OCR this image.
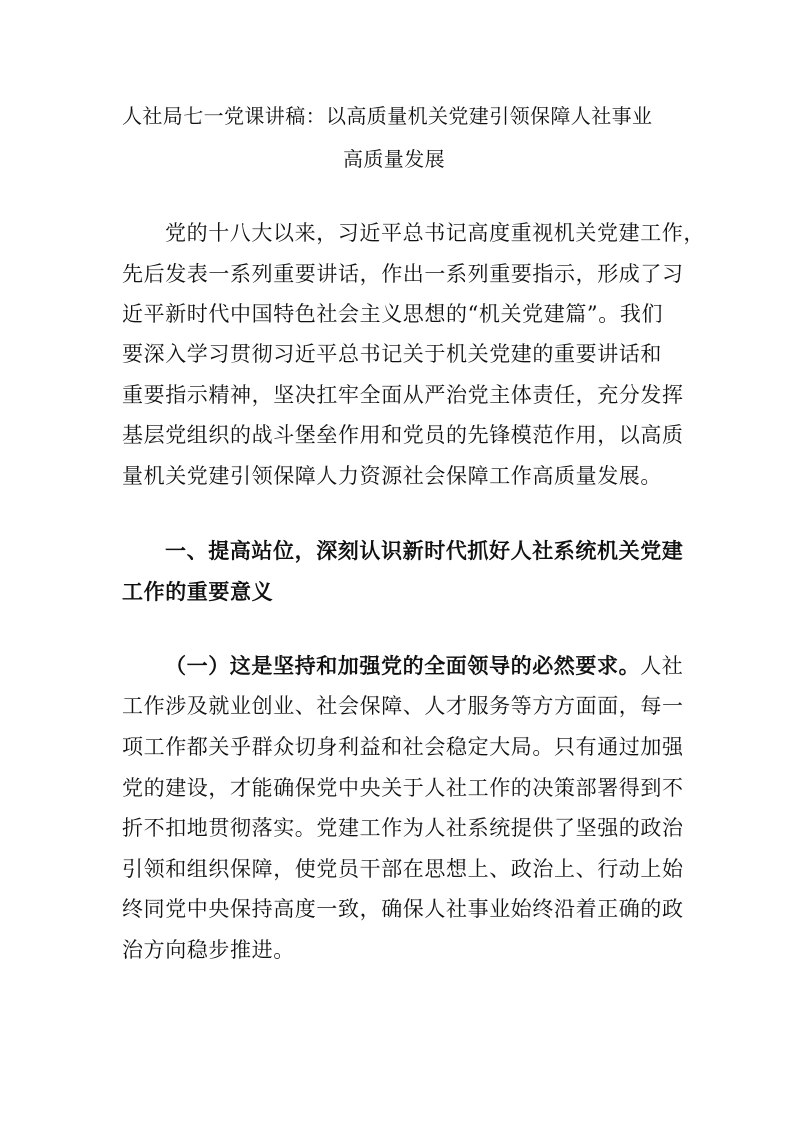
人社局七一党课讲稿：以高质量机关党建引领保障人社事业
高质量发展
党的十八大以来，习近平总书记高度重视机关党建工作，
先后发表一系列重要讲话，作出一系列重要指示，形成了习
近平新时代中国特色社会主义思想的“机关党建篇”。我们
要深入学习贯彻习近平总书记关于机关党建的重要讲话和
重要指示精神，坚决扛牢全面从严治党主体责任，充分发挥
基层党组织的战斗堡垒作用和党员的先锋模范作用，以高质
量机关党建引领保障人力资源社会保障工作高质量发展。
一、提高站位，深刻认识新时代抓好人社系统机关党建
工作的重要意义
（一）这是坚持和加强党的全面领导的必然要求。人社
工作涉及就业创业、社会保障、人才服务等方方面面，每一
项工作都关乎群众切身利益和社会稳定大局。只有通过加强
党的建设，才能确保党中央关于人社工作的决策部署得到不
折不扣地贯彻落实。党建工作为人社系统提供了坚强的政治
引领和组织保障，使党员干部在思想上、政治上、行动上始
终同党中央保持高度一致，确保人社事业始终沿着正确的政
治方向稳步推进。
